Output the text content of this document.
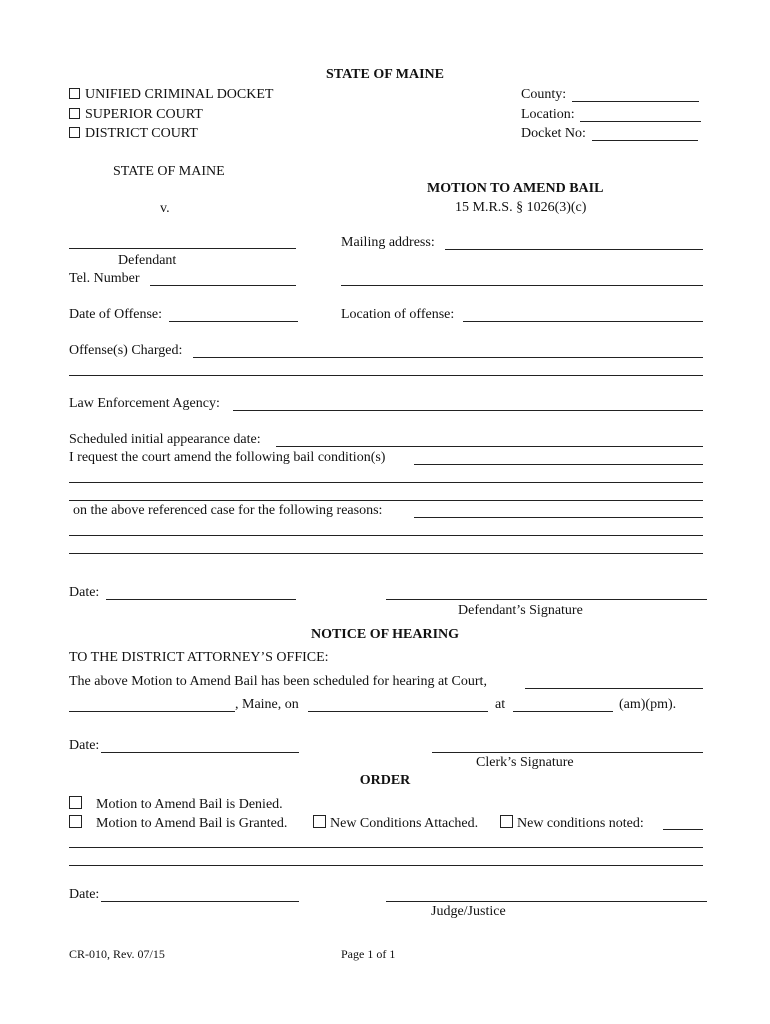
STATE OF MAINE
UNIFIED CRIMINAL DOCKET
SUPERIOR COURT
DISTRICT COURT
County:
Location:
Docket No:
STATE OF MAINE
v.
MOTION TO AMEND BAIL
15 M.R.S. § 1026(3)(c)
Defendant
Tel. Number
Mailing address:
Date of Offense:	Location of offense:
Offense(s) Charged:
Law Enforcement Agency:
Scheduled initial appearance date:
I request the court amend the following bail condition(s)
on the above referenced case for the following reasons:
Date:
Defendant’s Signature
NOTICE OF HEARING
TO THE DISTRICT ATTORNEY’S OFFICE:
The above Motion to Amend Bail has been scheduled for hearing at Court,
, Maine, on	at	(am)(pm).
Date:
Clerk’s Signature
ORDER
Motion to Amend Bail is Denied.
Motion to Amend Bail is Granted.	New Conditions Attached.	New conditions noted:
Date:
Judge/Justice
CR-010, Rev. 07/15	Page 1 of 1
